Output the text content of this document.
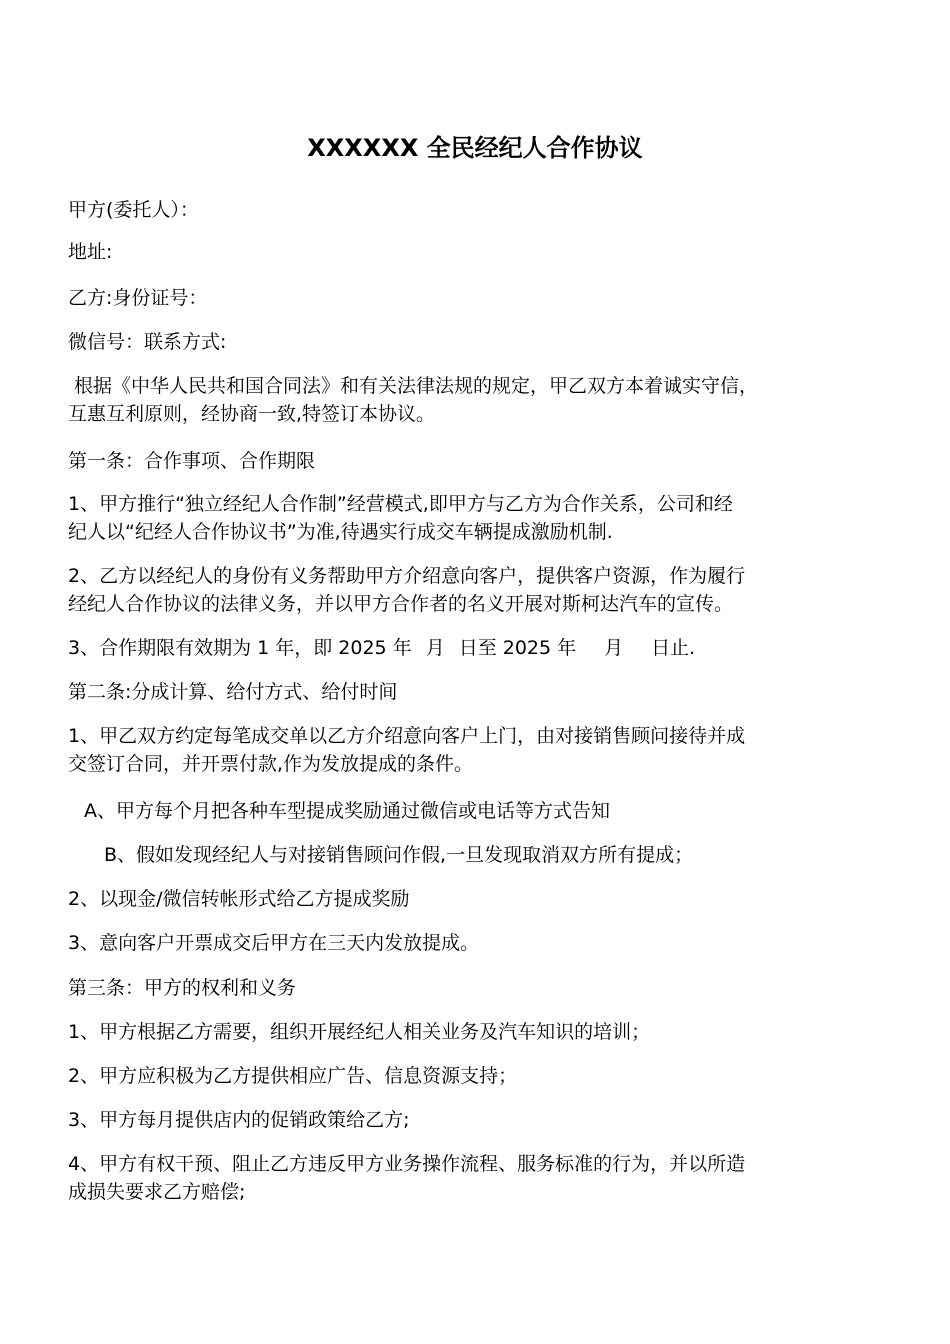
XXXXXX 全民经纪人合作协议
甲方(委托人）：
地址:
乙方:身份证号：
微信号：联系方式:
根据《中华人民共和国合同法》和有关法律法规的规定，甲乙双方本着诚实守信，
互惠互利原则，经协商一致,特签订本协议。
第一条：合作事项、合作期限
1、甲方推行“独立经纪人合作制”经营模式,即甲方与乙方为合作关系，公司和经
纪人以“纪经人合作协议书”为准,待遇实行成交车辆提成激励机制.
2、乙方以经纪人的身份有义务帮助甲方介绍意向客户，提供客户资源，作为履行
经纪人合作协议的法律义务，并以甲方合作者的名义开展对斯柯达汽车的宣传。
3、合作期限有效期为 1 年，即 2025 年 月 日至 2025 年 月 日止.
第二条:分成计算、给付方式、给付时间
1、甲乙双方约定每笔成交单以乙方介绍意向客户上门，由对接销售顾问接待并成
交签订合同，并开票付款,作为发放提成的条件。
A、甲方每个月把各种车型提成奖励通过微信或电话等方式告知
B、假如发现经纪人与对接销售顾问作假,一旦发现取消双方所有提成；
2、以现金/微信转帐形式给乙方提成奖励
3、意向客户开票成交后甲方在三天内发放提成。
第三条：甲方的权利和义务
1、甲方根据乙方需要，组织开展经纪人相关业务及汽车知识的培训；
2、甲方应积极为乙方提供相应广告、信息资源支持；
3、甲方每月提供店内的促销政策给乙方;
4、甲方有权干预、阻止乙方违反甲方业务操作流程、服务标准的行为，并以所造
成损失要求乙方赔偿;
